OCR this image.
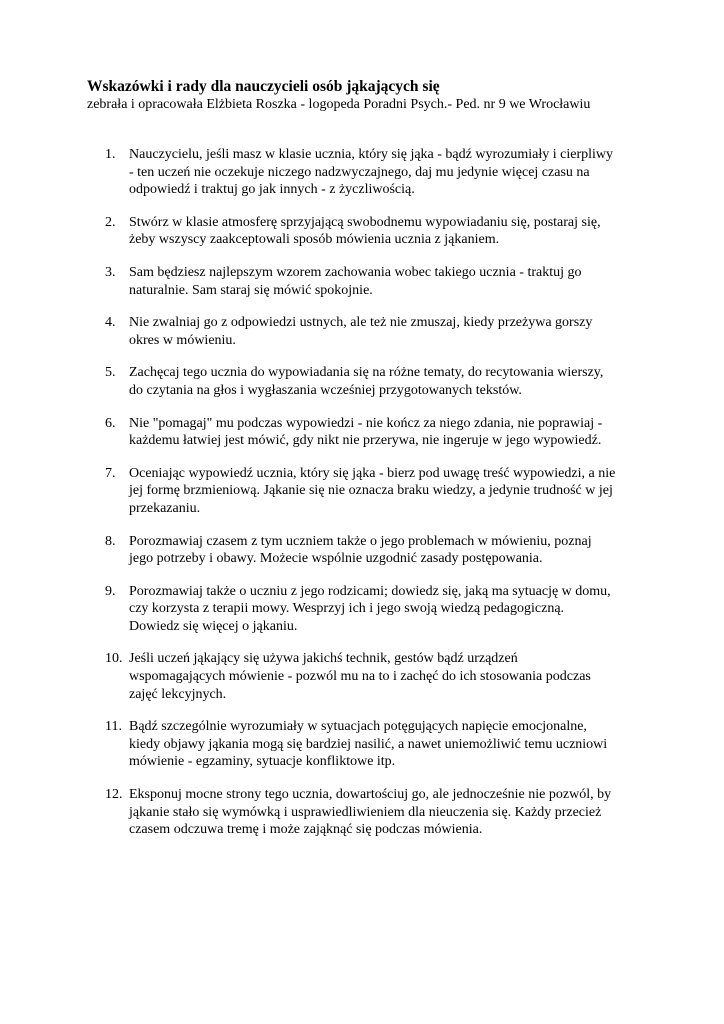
Wskazówki i rady dla nauczycieli osób jąkających się
zebrała i opracowała Elżbieta Roszka - logopeda Poradni Psych.- Ped. nr 9 we Wrocławiu
1. Nauczycielu, jeśli masz w klasie ucznia, który się jąka - bądź wyrozumiały i cierpliwy
- ten uczeń nie oczekuje niczego nadzwyczajnego, daj mu jedynie więcej czasu na
odpowiedź i traktuj go jak innych - z życzliwością.
2. Stwórz w klasie atmosferę sprzyjającą swobodnemu wypowiadaniu się, postaraj się,
żeby wszyscy zaakceptowali sposób mówienia ucznia z jąkaniem.
3. Sam będziesz najlepszym wzorem zachowania wobec takiego ucznia - traktuj go
naturalnie. Sam staraj się mówić spokojnie.
4. Nie zwalniaj go z odpowiedzi ustnych, ale też nie zmuszaj, kiedy przeżywa gorszy
okres w mówieniu.
5. Zachęcaj tego ucznia do wypowiadania się na różne tematy, do recytowania wierszy,
do czytania na głos i wygłaszania wcześniej przygotowanych tekstów.
6. Nie "pomagaj" mu podczas wypowiedzi - nie kończ za niego zdania, nie poprawiaj -
każdemu łatwiej jest mówić, gdy nikt nie przerywa, nie ingeruje w jego wypowiedź.
7. Oceniając wypowiedź ucznia, który się jąka - bierz pod uwagę treść wypowiedzi, a nie
jej formę brzmieniową. Jąkanie się nie oznacza braku wiedzy, a jedynie trudność w jej
przekazaniu.
8. Porozmawiaj czasem z tym uczniem także o jego problemach w mówieniu, poznaj
jego potrzeby i obawy. Możecie wspólnie uzgodnić zasady postępowania.
9. Porozmawiaj także o uczniu z jego rodzicami; dowiedz się, jaką ma sytuację w domu,
czy korzysta z terapii mowy. Wesprzyj ich i jego swoją wiedzą pedagogiczną.
Dowiedz się więcej o jąkaniu.
10. Jeśli uczeń jąkający się używa jakichś technik, gestów bądź urządzeń
wspomagających mówienie - pozwól mu na to i zachęć do ich stosowania podczas
zajęć lekcyjnych.
11. Bądź szczególnie wyrozumiały w sytuacjach potęgujących napięcie emocjonalne,
kiedy objawy jąkania mogą się bardziej nasilić, a nawet uniemożliwić temu uczniowi
mówienie - egzaminy, sytuacje konfliktowe itp.
12. Eksponuj mocne strony tego ucznia, dowartościuj go, ale jednocześnie nie pozwól, by
jąkanie stało się wymówką i usprawiedliwieniem dla nieuczenia się. Każdy przecież
czasem odczuwa tremę i może zająknąć się podczas mówienia.
